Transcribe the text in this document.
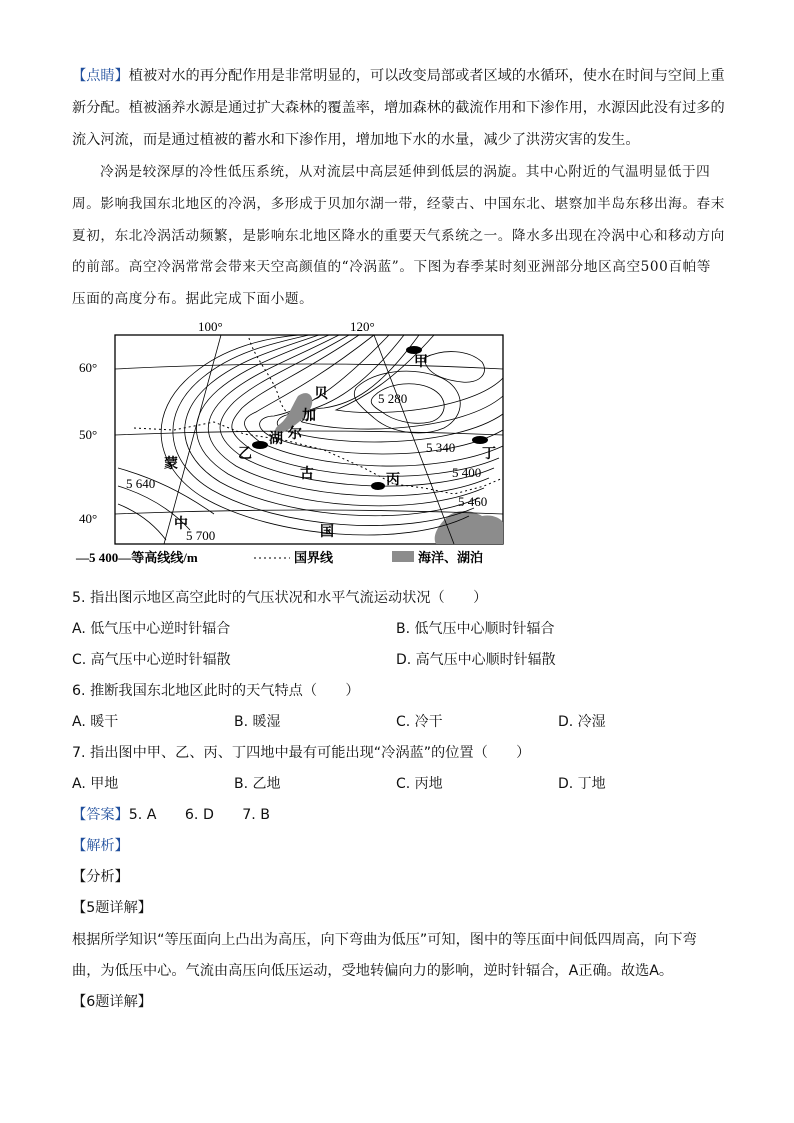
【点睛】植被对水的再分配作用是非常明显的，可以改变局部或者区域的水循环，使水在时间与空间上重
新分配。植被涵养水源是通过扩大森林的覆盖率，增加森林的截流作用和下渗作用，水源因此没有过多的
流入河流，而是通过植被的蓄水和下渗作用，增加地下水的水量，减少了洪涝灾害的发生。
冷涡是较深厚的冷性低压系统，从对流层中高层延伸到低层的涡旋。其中心附近的气温明显低于四
周。影响我国东北地区的冷涡，多形成于贝加尔湖一带，经蒙古、中国东北、堪察加半岛东移出海。春末
夏初，东北冷涡活动频繁，是影响东北地区降水的重要天气系统之一。降水多出现在冷涡中心和移动方向
的前部。高空冷涡常常会带来天空高颜值的“冷涡蓝”。下图为春季某时刻亚洲部分地区高空500百帕等
压面的高度分布。据此完成下面小题。
100°	120°
60°
50°
40°
5 280
5 340
5 400
5 460
5 640
5 700
甲
乙
丙
丁
贝
加
尔
湖
蒙
古
中
国
—5 400—等高线线/m	国界线	海洋、湖泊
5. 指出图示地区高空此时的气压状况和水平气流运动状况（　　）
A. 低气压中心逆时针辐合	B. 低气压中心顺时针辐合
C. 高气压中心逆时针辐散	D. 高气压中心顺时针辐散
6. 推断我国东北地区此时的天气特点（　　）
A. 暖干	B. 暖湿	C. 冷干	D. 冷湿
7. 指出图中甲、乙、丙、丁四地中最有可能出现“冷涡蓝”的位置（　　）
A. 甲地	B. 乙地	C. 丙地	D. 丁地
【答案】5. A　　6. D　　7. B
【解析】
【分析】
【5题详解】
根据所学知识“等压面向上凸出为高压，向下弯曲为低压”可知，图中的等压面中间低四周高，向下弯
曲，为低压中心。气流由高压向低压运动，受地转偏向力的影响，逆时针辐合，A正确。故选A。
【6题详解】
